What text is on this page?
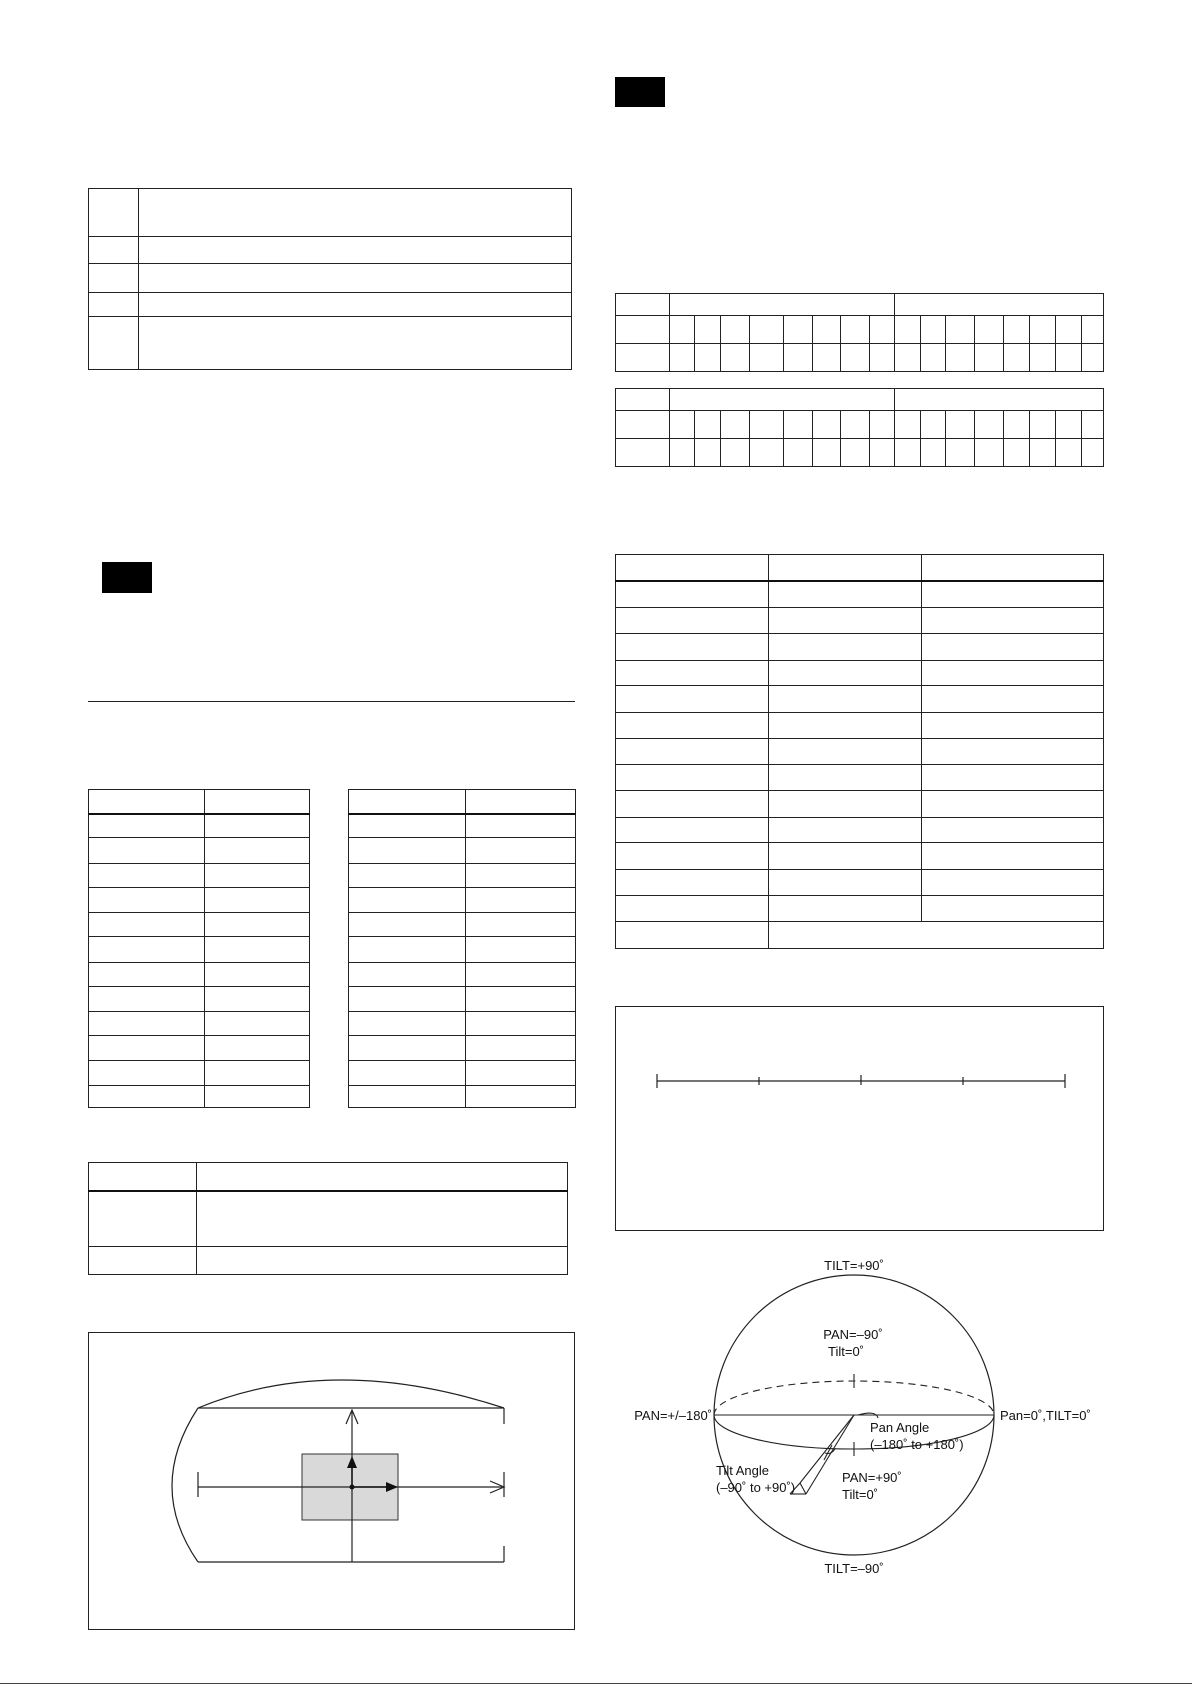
TILT=+90˚
PAN=–90˚
Tilt=0˚
PAN=+/–180˚	Pan=0˚,TILT=0˚
Pan Angle
(–180˚ to +180˚)
Tilt Angle
(–90˚ to +90˚)
PAN=+90˚
Tilt=0˚
TILT=–90˚
